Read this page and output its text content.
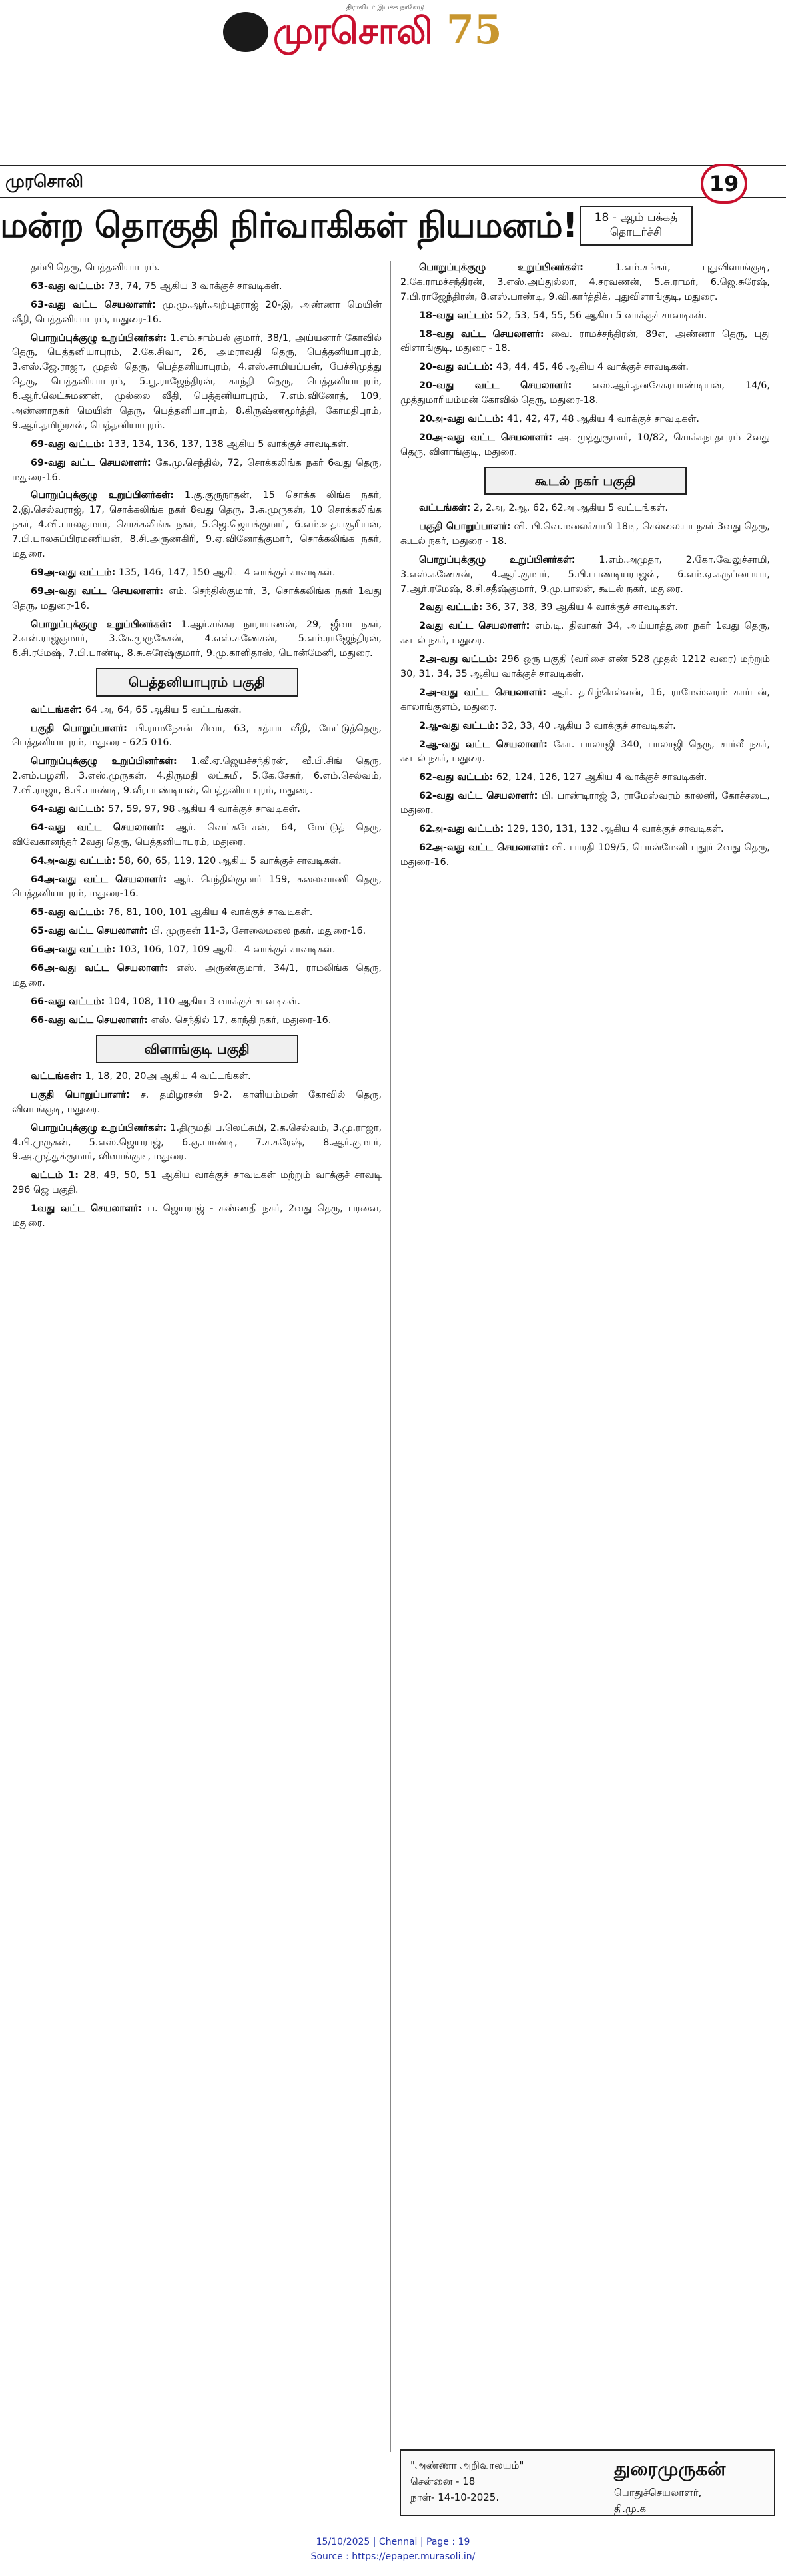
திராவிடர் இயக்க நாளேடு
முரசொலி 75
முரசொலி	19
மன்ற தொகுதி நிர்வாகிகள் நியமனம்!	18 - ஆம் பக்கத் தொடர்ச்சி

தம்பி தெரு, பெத்தனியாபுரம்.

63-வது வட்டம்: 73, 74, 75 ஆகிய 3 வாக்குச் சாவடிகள்.

63-வது வட்ட செயலாளர்: மு.மு.ஆர்.அற்புதராஜ் 20-இ, அண்ணா மெயின் வீதி, பெத்தனியாபுரம், மதுரை-16.

பொறுப்புக்குழு உறுப்பினர்கள்: 1.எம்.சாம்பல் குமார், 38/1, அய்யனார் கோவில் தெரு, பெத்தனியாபுரம், 2.கே.சிவா, 26, அமராவதி தெரு, பெத்தனியாபுரம், 3.எஸ்.ஜே.ராஜா, முதல் தெரு, பெத்தனியாபுரம், 4.எஸ்.சாமியப்பன், பேச்சிமுத்து தெரு, பெத்தனியாபுரம், 5.பூ.ராஜேந்திரன், காந்தி தெரு, பெத்தனியாபுரம், 6.ஆர்.லெட்சுமணன், முல்லை வீதி, பெத்தனியாபுரம், 7.எம்.வினோத், 109, அண்ணாநகர் மெயின் தெரு, பெத்தனியாபுரம், 8.கிருஷ்ணமூர்த்தி, கோமதிபுரம், 9.ஆர்.தமிழ்ரசன், பெத்தனியாபுரம்.

69-வது வட்டம்: 133, 134, 136, 137, 138 ஆகிய 5 வாக்குச் சாவடிகள்.

69-வது வட்ட செயலாளர்: கே.மு.செந்தில், 72, சொக்கலிங்க நகர் 6வது தெரு, மதுரை-16.

பொறுப்புக்குழு உறுப்பினர்கள்: 1.கு.குருநாதன், 15 சொக்க லிங்க நகர், 2.இ.செல்வராஜ், 17, சொக்கலிங்க நகர் 8வது தெரு, 3.சு.முருகன், 10 சொக்கலிங்க நகர், 4.வி.பாலகுமார், சொக்கலிங்க நகர், 5.ஜெ.ஜெயக்குமார், 6.எம்.உதயசூரியன், 7.பி.பாலசுப்பிரமணியன், 8.சி.அருணகிரி, 9.ஏ.வினோத்குமார், சொக்கலிங்க நகர், மதுரை.

69அ-வது வட்டம்: 135, 146, 147, 150 ஆகிய 4 வாக்குச் சாவடிகள்.

69அ-வது வட்ட செயலாளர்: எம். செந்தில்குமார், 3, சொக்கலிங்க நகர் 1வது தெரு, மதுரை-16.

பொறுப்புக்குழு உறுப்பினர்கள்: 1.ஆர்.சங்கர நாராயணன், 29, ஜீவா நகர், 2.என்.ராஜ்குமார், 3.கே.முருகேசன், 4.எஸ்.கணேசன், 5.எம்.ராஜேந்திரன், 6.சி.ரமேஷ், 7.பி.பாண்டி, 8.சு.சுரேஷ்குமார், 9.மு.காளிதாஸ், பொன்மேனி, மதுரை.

பெத்தனியாபுரம் பகுதி

வட்டங்கள்: 64 அ, 64, 65 ஆகிய 5 வட்டங்கள்.

பகுதி பொறுப்பாளர்: பி.ராமநேசன் சிவா, 63, சத்யா வீதி, மேட்டுத்தெரு, பெத்தனியாபுரம், மதுரை - 625 016.

பொறுப்புக்குழு உறுப்பினர்கள்: 1.வீ.ஏ.ஜெயச்சந்திரன், வீ.பி.சிங் தெரு, 2.எம்.பழனி, 3.எஸ்.முருகன், 4.திருமதி லட்சுமி, 5.கே.சேகர், 6.எம்.செல்வம், 7.வி.ராஜா, 8.பி.பாண்டி, 9.வீரபாண்டியன், பெத்தனியாபுரம், மதுரை.

64-வது வட்டம்: 57, 59, 97, 98 ஆகிய 4 வாக்குச் சாவடிகள்.

64-வது வட்ட செயலாளர்: ஆர். வெட்கடேசன், 64, மேட்டுத் தெரு, விவேகானந்தர் 2வது தெரு, பெத்தனியாபுரம், மதுரை.

64அ-வது வட்டம்: 58, 60, 65, 119, 120 ஆகிய 5 வாக்குச் சாவடிகள்.

64அ-வது வட்ட செயலாளர்: ஆர். செந்தில்குமார் 159, கலைவாணி தெரு, பெத்தனியாபுரம், மதுரை-16.

65-வது வட்டம்: 76, 81, 100, 101 ஆகிய 4 வாக்குச் சாவடிகள்.

65-வது வட்ட செயலாளர்: பி. முருகன் 11-3, சோலைமலை நகர், மதுரை-16.

66அ-வது வட்டம்: 103, 106, 107, 109 ஆகிய 4 வாக்குச் சாவடிகள்.

66அ-வது வட்ட செயலாளர்: எஸ். அருண்குமார், 34/1, ராமலிங்க தெரு, மதுரை.

66-வது வட்டம்: 104, 108, 110 ஆகிய 3 வாக்குச் சாவடிகள்.

66-வது வட்ட செயலாளர்: எஸ். செந்தில் 17, காந்தி நகர், மதுரை-16.

விளாங்குடி பகுதி

வட்டங்கள்: 1, 18, 20, 20அ ஆகிய 4 வட்டங்கள்.

பகுதி பொறுப்பாளர்: ச. தமிழரசன் 9-2, காளியம்மன் கோவில் தெரு, விளாங்குடி, மதுரை.

பொறுப்புக்குழு உறுப்பினர்கள்: 1.திருமதி ப.லெட்சுமி, 2.க.செல்வம், 3.மு.ராஜா, 4.பி.முருகன், 5.எஸ்.ஜெயராஜ், 6.கு.பாண்டி, 7.ச.சுரேஷ், 8.ஆர்.குமார், 9.அ.முத்துக்குமார், விளாங்குடி, மதுரை.

வட்டம் 1: 28, 49, 50, 51 ஆகிய வாக்குச் சாவடிகள் மற்றும் வாக்குச் சாவடி 296 ஜெ பகுதி.

1வது வட்ட செயலாளர்: ப. ஜெயராஜ் - கண்ணதி நகர், 2வது தெரு, பரவை, மதுரை.

பொறுப்புக்குழு உறுப்பினர்கள்: 1.எம்.சங்கர், புதுவிளாங்குடி, 2.கே.ராமச்சந்திரன், 3.எஸ்.அப்துல்லா, 4.சரவணன், 5.சு.ராமர், 6.ஜெ.சுரேஷ், 7.பி.ராஜேந்திரன், 8.எஸ்.பாண்டி, 9.வி.கார்த்திக், புதுவிளாங்குடி, மதுரை.

18-வது வட்டம்: 52, 53, 54, 55, 56 ஆகிய 5 வாக்குச் சாவடிகள்.

18-வது வட்ட செயலாளர்: வை. ராமச்சந்திரன், 89எ, அண்ணா தெரு, புது விளாங்குடி, மதுரை - 18.

20-வது வட்டம்: 43, 44, 45, 46 ஆகிய 4 வாக்குச் சாவடிகள்.

20-வது வட்ட செயலாளர்: எஸ்.ஆர்.தனசேகரபாண்டியன், 14/6, முத்துமாரியம்மன் கோவில் தெரு, மதுரை-18.

20அ-வது வட்டம்: 41, 42, 47, 48 ஆகிய 4 வாக்குச் சாவடிகள்.

20அ-வது வட்ட செயலாளர்: அ. முத்துகுமார், 10/82, சொக்கநாதபுரம் 2வது தெரு, விளாங்குடி, மதுரை.

கூடல் நகர் பகுதி

வட்டங்கள்: 2, 2அ, 2ஆ, 62, 62அ ஆகிய 5 வட்டங்கள்.

பகுதி பொறுப்பாளர்: வி. பி.வெ.மலைச்சாமி 18டி, செல்லையா நகர் 3வது தெரு, கூடல் நகர், மதுரை - 18.

பொறுப்புக்குழு உறுப்பினர்கள்: 1.எம்.அமுதா, 2.கோ.வேலுச்சாமி, 3.எஸ்.கணேசன், 4.ஆர்.குமார், 5.பி.பாண்டியராஜன், 6.எம்.ஏ.கருப்பையா, 7.ஆர்.ரமேஷ், 8.சி.சதீஷ்குமார், 9.மு.பாலன், கூடல் நகர், மதுரை.

2வது வட்டம்: 36, 37, 38, 39 ஆகிய 4 வாக்குச் சாவடிகள்.

2வது வட்ட செயலாளர்: எம்.டி. திவாகர் 34, அய்யாத்துரை நகர் 1வது தெரு, கூடல் நகர், மதுரை.

2அ-வது வட்டம்: 296 ஒரு பகுதி (வரிசை எண் 528 முதல் 1212 வரை) மற்றும் 30, 31, 34, 35 ஆகிய வாக்குச் சாவடிகள்.

2அ-வது வட்ட செயலாளர்: ஆர். தமிழ்செல்வன், 16, ராமேஸ்வரம் கார்டன், காலாங்குளம், மதுரை.

2ஆ-வது வட்டம்: 32, 33, 40 ஆகிய 3 வாக்குச் சாவடிகள்.

2ஆ-வது வட்ட செயலாளர்: கோ. பாலாஜி 340, பாலாஜி தெரு, சார்லீ நகர், கூடல் நகர், மதுரை.

62-வது வட்டம்: 62, 124, 126, 127 ஆகிய 4 வாக்குச் சாவடிகள்.

62-வது வட்ட செயலாளர்: பி. பாண்டிராஜ் 3, ராமேஸ்வரம் காலனி, கோச்சடை, மதுரை.

62அ-வது வட்டம்: 129, 130, 131, 132 ஆகிய 4 வாக்குச் சாவடிகள்.

62அ-வது வட்ட செயலாளர்: வி. பாரதி 109/5, பொன்மேனி புதூர் 2வது தெரு, மதுரை-16.

"அண்ணா அறிவாலயம்"
சென்னை - 18
நாள்- 14-10-2025.
துரைமுருகன்
பொதுச்செயலாளர்,
தி.மு.க
15/10/2025 | Chennai | Page : 19
Source : https://epaper.murasoli.in/
